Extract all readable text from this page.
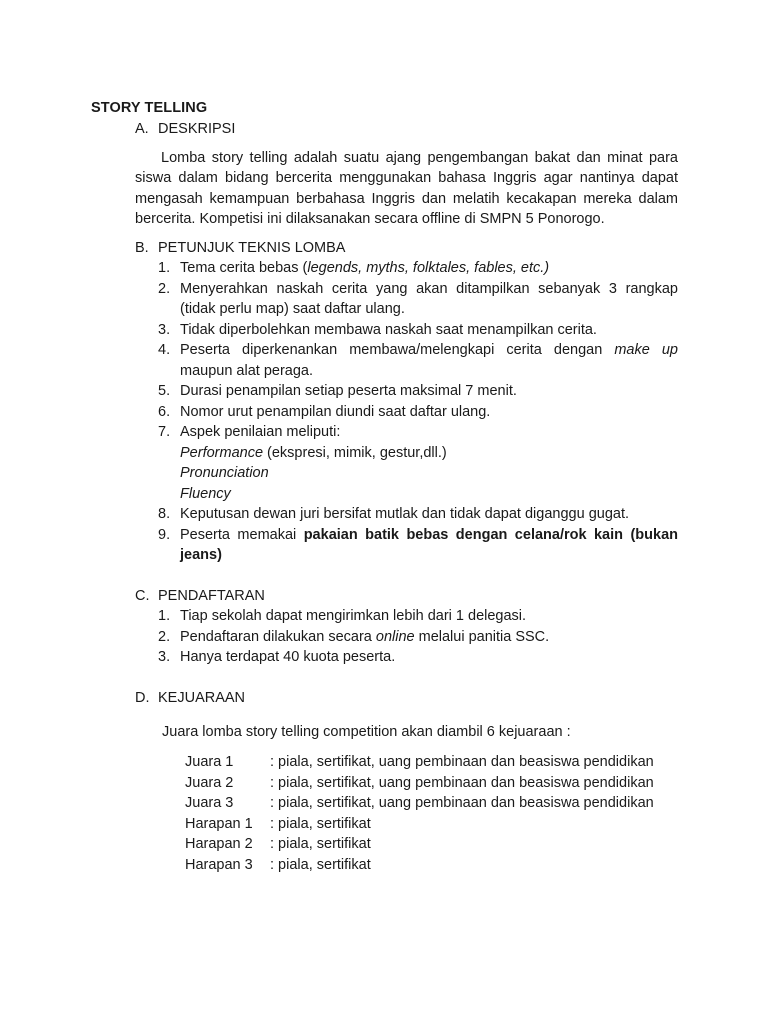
STORY TELLING
A. DESKRIPSI
Lomba story telling adalah suatu ajang pengembangan bakat dan minat para siswa dalam bidang bercerita menggunakan bahasa Inggris agar nantinya dapat mengasah kemampuan berbahasa Inggris dan melatih kecakapan mereka dalam bercerita. Kompetisi ini dilaksanakan secara offline di SMPN 5 Ponorogo.
B. PETUNJUK TEKNIS LOMBA
1. Tema cerita bebas (legends, myths, folktales, fables, etc.)
2. Menyerahkan naskah cerita yang akan ditampilkan sebanyak 3 rangkap (tidak perlu map) saat daftar ulang.
3. Tidak diperbolehkan membawa naskah saat menampilkan cerita.
4. Peserta diperkenankan membawa/melengkapi cerita dengan make up maupun alat peraga.
5. Durasi penampilan setiap peserta maksimal 7 menit.
6. Nomor urut penampilan diundi saat daftar ulang.
7. Aspek penilaian meliputi:
Performance (ekspresi, mimik, gestur,dll.)
Pronunciation
Fluency
8. Keputusan dewan juri bersifat mutlak dan tidak dapat diganggu gugat.
9. Peserta memakai pakaian batik bebas dengan celana/rok kain (bukan jeans)
C. PENDAFTARAN
1. Tiap sekolah dapat mengirimkan lebih dari 1 delegasi.
2. Pendaftaran dilakukan secara online melalui panitia SSC.
3. Hanya terdapat 40 kuota peserta.
D. KEJUARAAN
Juara lomba story telling competition akan diambil 6 kejuaraan :
Juara 1	: piala, sertifikat, uang pembinaan dan beasiswa pendidikan
Juara 2	: piala, sertifikat, uang pembinaan dan beasiswa pendidikan
Juara 3	: piala, sertifikat, uang pembinaan dan beasiswa pendidikan
Harapan 1	: piala, sertifikat
Harapan 2	: piala, sertifikat
Harapan 3	: piala, sertifikat
